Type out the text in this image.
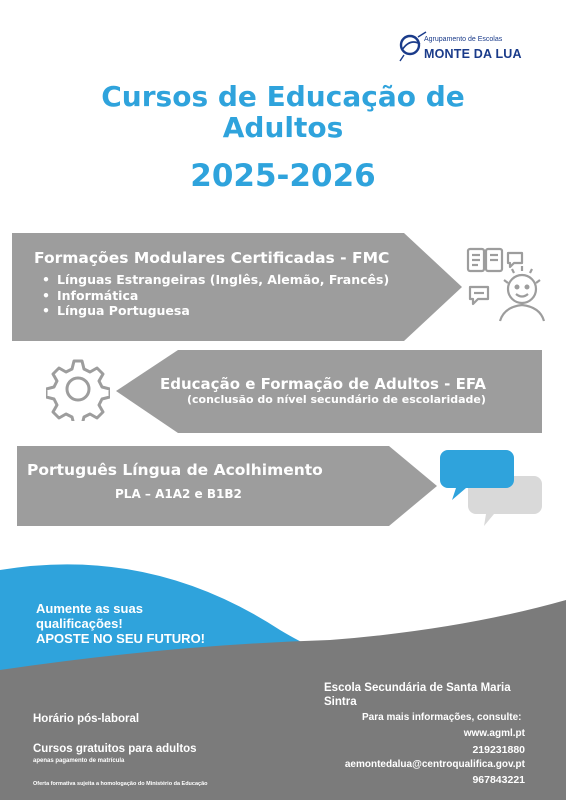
Agrupamento de Escolas
MONTE DA LUA
Cursos de Educação de
Adultos
2025-2026
Formações Modulares Certificadas - FMC
• Línguas Estrangeiras (Inglês, Alemão, Francês)
• Informática
• Língua Portuguesa
Educação e Formação de Adultos - EFA
(conclusão do nível secundário de escolaridade)
Português Língua de Acolhimento
PLA – A1A2 e B1B2
Aumente as suas
qualificações!
APOSTE NO SEU FUTURO!
Horário pós-laboral
Cursos gratuitos para adultos
apenas pagamento de matrícula
Oferta formativa sujeita a homologação do Ministério da Educação
Escola Secundária de Santa Maria
Sintra
Para mais informações, consulte:
www.agml.pt
219231880
aemontedalua@centroqualifica.gov.pt
967843221
